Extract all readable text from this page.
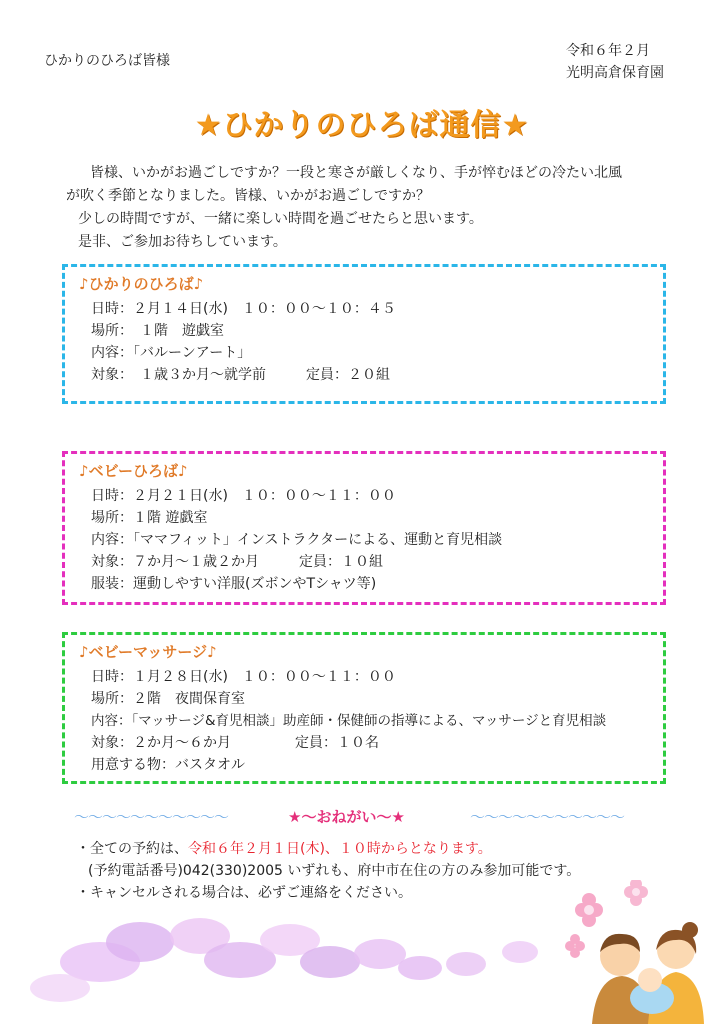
ひかりのひろば皆様
令和６年２月
光明高倉保育園
★ひかりのひろば通信★

皆様、いかがお過ごしですか？一段と寒さが厳しくなり、手が悴むほどの冷たい北風

が吹く季節となりました。皆様、いかがお過ごしですか？

少しの時間ですが、一緒に楽しい時間を過ごせたらと思います。

是非、ご参加お待ちしています。

♪ひかりのひろば♪
日時：２月１４日(水)　１０：００～１０：４５
場所：　１階　遊戯室
内容：「バルーンアート」
対象：　１歳３か月～就学前	定員：２０組
♪ベビーひろば♪
日時：２月２１日(水)　１０：００～１１：００
場所：１階 遊戯室
内容：「ママフィット」インストラクターによる、運動と育児相談
対象：７か月～１歳２か月	定員：１０組
服装：運動しやすい洋服(ズボンやTシャツ等)
♪ベビーマッサージ♪
日時：１月２８日(水)　１０：００～１１：００
場所：２階　夜間保育室
内容：「マッサージ&育児相談」助産師・保健師の指導による、マッサージと育児相談
対象：２か月～６か月	定員：１０名
用意する物：バスタオル
～～～～～～～～～～～	★～おねがい～★	～～～～～～～～～～～

・全ての予約は、令和６年２月１日(木)、１０時からとなります。

(予約電話番号)042(330)2005 いずれも、府中市在住の方のみ参加可能です。

・キャンセルされる場合は、必ずご連絡をください。
